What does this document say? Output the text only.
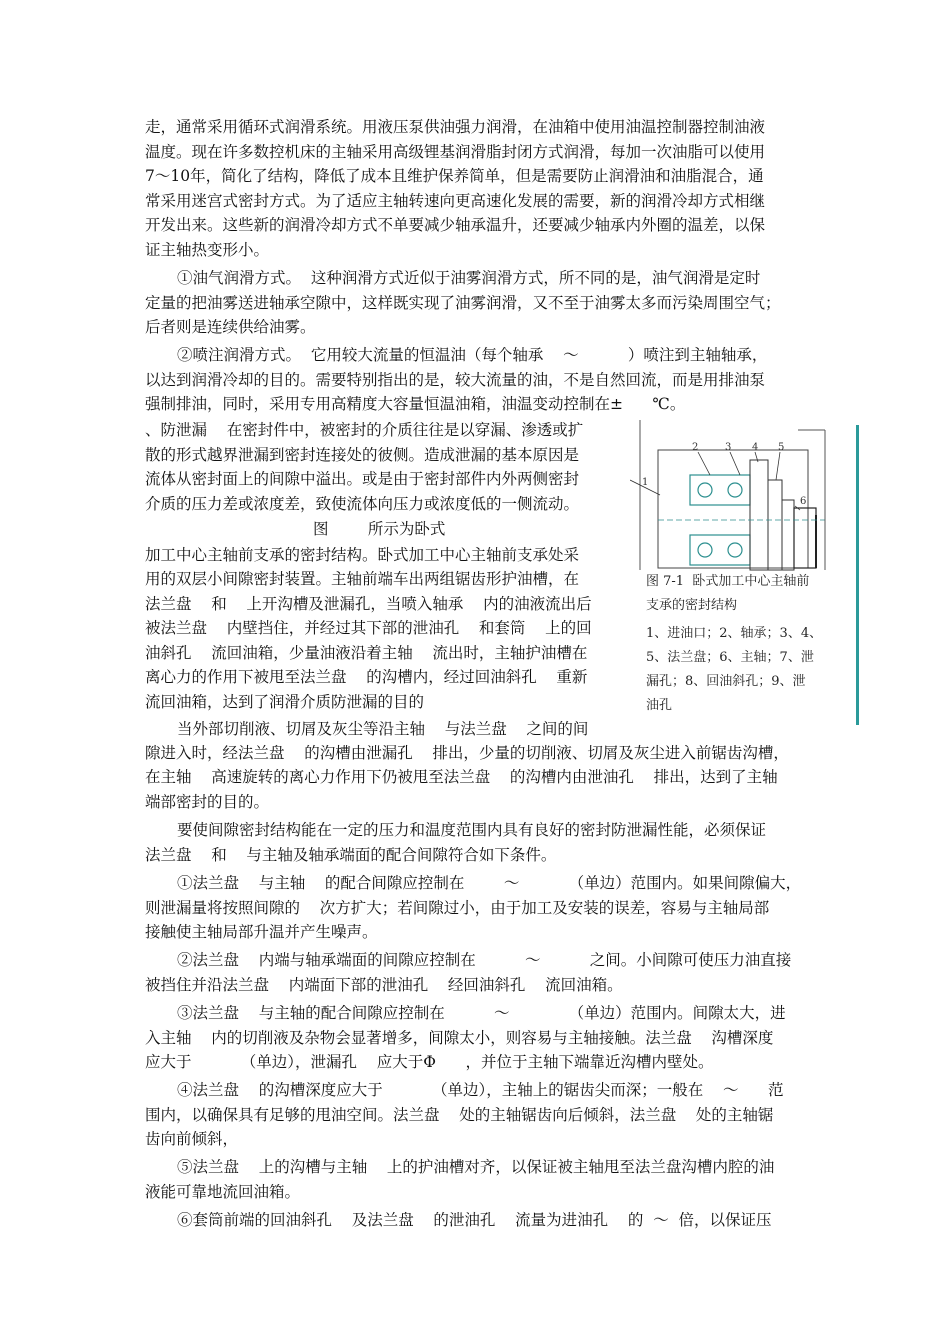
走，通常采用循环式润滑系统。用液压泵供油强力润滑，在油箱中使用油温控制器控制油液

温度。现在许多数控机床的主轴采用高级锂基润滑脂封闭方式润滑，每加一次油脂可以使用

7～10年，简化了结构，降低了成本且维护保养简单，但是需要防止润滑油和油脂混合，通

常采用迷宫式密封方式。为了适应主轴转速向更高速化发展的需要，新的润滑冷却方式相继

开发出来。这些新的润滑冷却方式不单要减少轴承温升，还要减少轴承内外圈的温差，以保

证主轴热变形小。

①油气润滑方式。  这种润滑方式近似于油雾润滑方式，所不同的是，油气润滑是定时

定量的把油雾送进轴承空隙中，这样既实现了油雾润滑，又不至于油雾太多而污染周围空气；

后者则是连续供给油雾。

②喷注润滑方式。  它用较大流量的恒温油（每个轴承    ～          ）喷注到主轴轴承，

以达到润滑冷却的目的。需要特别指出的是，较大流量的油，不是自然回流，而是用排油泵

强制排油，同时，采用专用高精度大容量恒温油箱，油温变动控制在±      ℃。

、防泄漏    在密封件中，被密封的介质往往是以穿漏、渗透或扩

散的形式越界泄漏到密封连接处的彼侧。造成泄漏的基本原因是

流体从密封面上的间隙中溢出。或是由于密封部件内外两侧密封

介质的压力差或浓度差，致使流体向压力或浓度低的一侧流动。

图        所示为卧式

加工中心主轴前支承的密封结构。卧式加工中心主轴前支承处采

用的双层小间隙密封装置。主轴前端车出两组锯齿形护油槽，在

法兰盘    和    上开沟槽及泄漏孔，当喷入轴承    内的油液流出后

被法兰盘    内壁挡住，并经过其下部的泄油孔    和套筒    上的回

油斜孔    流回油箱，少量油液沿着主轴    流出时，主轴护油槽在

离心力的作用下被甩至法兰盘    的沟槽内，经过回油斜孔    重新

流回油箱，达到了润滑介质防泄漏的目的

当外部切削液、切屑及灰尘等沿主轴    与法兰盘    之间的间

2	3 4 5
1
6
图 7-1  卧式加工中心主轴前
支承的密封结构
1、进油口；2、轴承；3、4、
5、法兰盘；6、主轴；7、泄
漏孔；8、回油斜孔；9、泄
油孔

隙进入时，经法兰盘    的沟槽由泄漏孔    排出，少量的切削液、切屑及灰尘进入前锯齿沟槽，

在主轴    高速旋转的离心力作用下仍被甩至法兰盘    的沟槽内由泄油孔    排出，达到了主轴

端部密封的目的。

要使间隙密封结构能在一定的压力和温度范围内具有良好的密封防泄漏性能，必须保证

法兰盘    和    与主轴及轴承端面的配合间隙符合如下条件。

①法兰盘    与主轴    的配合间隙应控制在        ～          （单边）范围内。如果间隙偏大，

则泄漏量将按照间隙的    次方扩大；若间隙过小，由于加工及安装的误差，容易与主轴局部

接触使主轴局部升温并产生噪声。

②法兰盘    内端与轴承端面的间隙应控制在          ～          之间。小间隙可使压力油直接

被挡住并沿法兰盘    内端面下部的泄油孔    经回油斜孔    流回油箱。

③法兰盘    与主轴的配合间隙应控制在          ～            （单边）范围内。间隙太大，进

入主轴    内的切削液及杂物会显著增多，间隙太小，则容易与主轴接触。法兰盘    沟槽深度

应大于          （单边），泄漏孔    应大于Φ      ，并位于主轴下端靠近沟槽内壁处。

④法兰盘    的沟槽深度应大于          （单边），主轴上的锯齿尖而深；一般在    ～      范

围内，以确保具有足够的甩油空间。法兰盘    处的主轴锯齿向后倾斜，法兰盘    处的主轴锯

齿向前倾斜，

⑤法兰盘    上的沟槽与主轴    上的护油槽对齐，以保证被主轴甩至法兰盘沟槽内腔的油

液能可靠地流回油箱。

⑥套筒前端的回油斜孔    及法兰盘    的泄油孔    流量为进油孔    的  ～  倍，以保证压
